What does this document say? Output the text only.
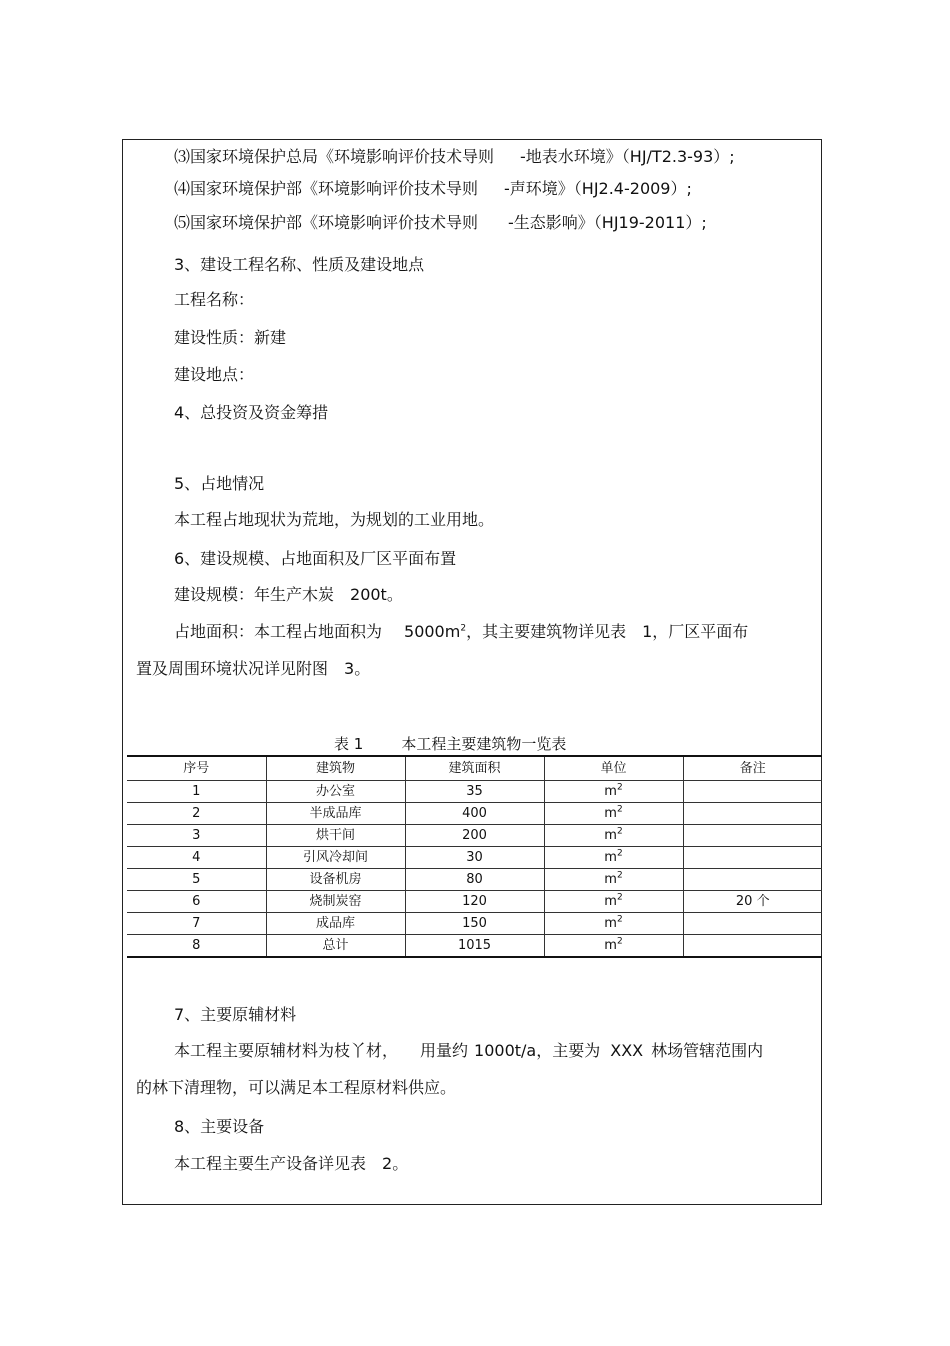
⑶国家环境保护总局《环境影响评价技术导则 -地表水环境》（HJ/T2.3-93）;
⑷国家环境保护部《环境影响评价技术导则 -声环境》（HJ2.4-2009）;
⑸国家环境保护部《环境影响评价技术导则 -生态影响》（HJ19-2011）;
3、建设工程名称、性质及建设地点
工程名称：
建设性质：新建
建设地点：
4、总投资及资金筹措
5、占地情况
本工程占地现状为荒地，为规划的工业用地。
6、建设规模、占地面积及厂区平面布置
建设规模：年生产木炭 200t。
占地面积：本工程占地面积为 $5000m^2$，其主要建筑物详见表 1，厂区平面布
置及周围环境状况详见附图 3。
表 1	本工程主要建筑物一览表
序号	建筑物	建筑面积	单位	备注
1	办公室	35	$m^2$	
2	半成品库	400	$m^2$	
3	烘干间	200	$m^2$	
4	引风冷却间	30	$m^2$	
5	设备机房	80	$m^2$	
6	烧制炭窑	120	$m^2$	20 个
7	成品库	150	$m^2$	
8	总计	1015	$m^2$	
7、主要原辅材料
本工程主要原辅材料为枝丫材， 用量约 1000t/a，主要为 XXX 林场管辖范围内
的林下清理物，可以满足本工程原材料供应。
8、主要设备
本工程主要生产设备详见表 2。
